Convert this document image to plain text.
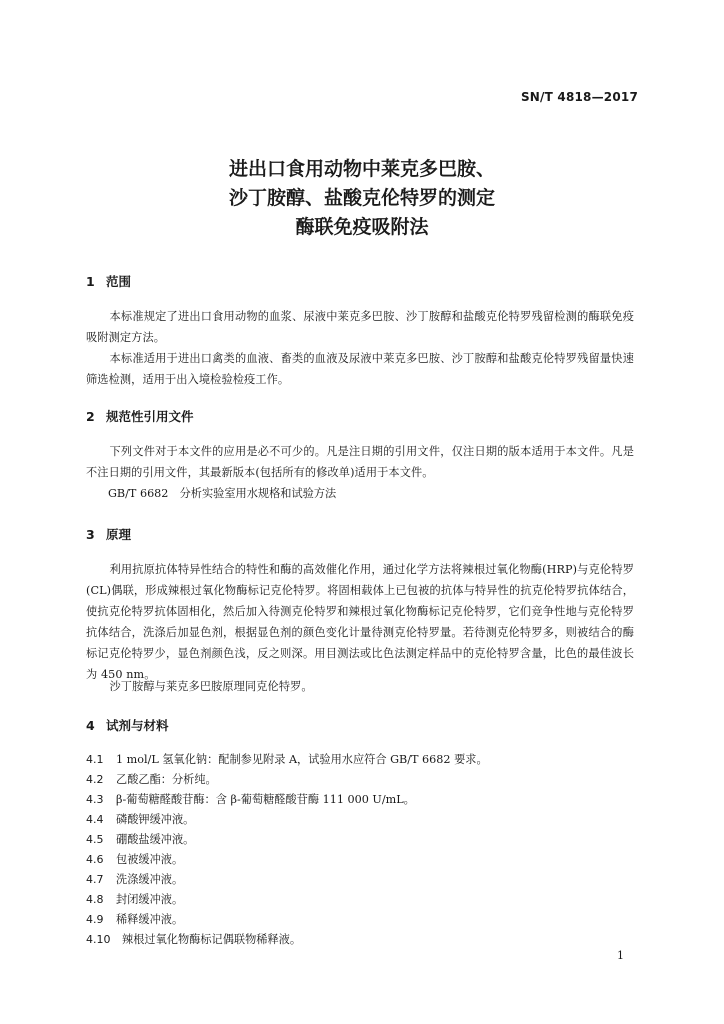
SN/T 4818—2017
进出口食用动物中莱克多巴胺、
沙丁胺醇、盐酸克伦特罗的测定
酶联免疫吸附法
1 范围
本标准规定了进出口食用动物的血浆、尿液中莱克多巴胺、沙丁胺醇和盐酸克伦特罗残留检测的酶联免疫吸附测定方法。
本标准适用于进出口禽类的血液、畜类的血液及尿液中莱克多巴胺、沙丁胺醇和盐酸克伦特罗残留量快速筛选检测，适用于出入境检验检疫工作。
2 规范性引用文件
下列文件对于本文件的应用是必不可少的。凡是注日期的引用文件，仅注日期的版本适用于本文件。凡是不注日期的引用文件，其最新版本(包括所有的修改单)适用于本文件。
GB/T 6682　分析实验室用水规格和试验方法
3 原理
利用抗原抗体特异性结合的特性和酶的高效催化作用，通过化学方法将辣根过氧化物酶(HRP)与克伦特罗(CL)偶联，形成辣根过氧化物酶标记克伦特罗。将固相载体上已包被的抗体与特异性的抗克伦特罗抗体结合，使抗克伦特罗抗体固相化，然后加入待测克伦特罗和辣根过氧化物酶标记克伦特罗，它们竞争性地与克伦特罗抗体结合，洗涤后加显色剂，根据显色剂的颜色变化计量待测克伦特罗量。若待测克伦特罗多，则被结合的酶标记克伦特罗少，显色剂颜色浅，反之则深。用目测法或比色法测定样品中的克伦特罗含量，比色的最佳波长为 450 nm。
沙丁胺醇与莱克多巴胺原理同克伦特罗。
4 试剂与材料
4.1 1 mol/L 氢氧化钠：配制参见附录 A，试验用水应符合 GB/T 6682 要求。
4.2 乙酸乙酯：分析纯。
4.3 β-葡萄糖醛酸苷酶：含 β-葡萄糖醛酸苷酶 111 000 U/mL。
4.4 磷酸钾缓冲液。
4.5 硼酸盐缓冲液。
4.6 包被缓冲液。
4.7 洗涤缓冲液。
4.8 封闭缓冲液。
4.9 稀释缓冲液。
4.10 辣根过氧化物酶标记偶联物稀释液。
1
